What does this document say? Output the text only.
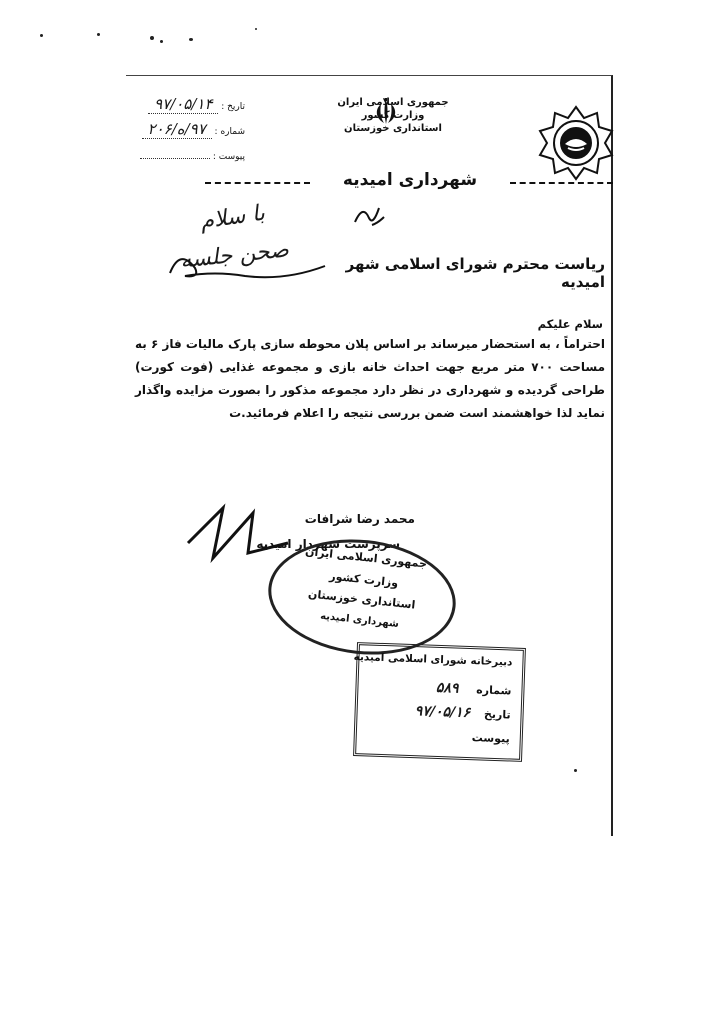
جمهوری اسلامی ایران
وزارت کشور
استانداری خوزستان
تاریخ : ۹۷/۰۵/۱۴
شماره : ۹۷/ه/۲۰۶
پیوست :
شهرداری امیدیه
با سلام
صحن جلسه	ریاست محترم شورای اسلامی شهر امیدیه
سلام علیکم
احتراماً ، به استحضار میرساند بر اساس پلان محوطه سازی پارک مالیات فاز ۶ به مساحت ۷۰۰ متر مربع جهت احداث خانه بازی و مجموعه غذایی (فوت کورت) طراحی گردیده و شهرداری در نظر دارد مجموعه مذکور را بصورت مزایده واگذار نماید لذا خواهشمند است ضمن بررسی نتیجه را اعلام فرمائید.ت
محمد رضا شرافات
سرپرست شهردار امیدیه
جمهوری اسلامی ایران
وزارت کشور
استانداری خوزستان
شهرداری امیدیه
دبیرخانه شورای اسلامی امیدیه
شماره ۵۸۹
تاریخ ۹۷/۰۵/۱۶
پیوست
